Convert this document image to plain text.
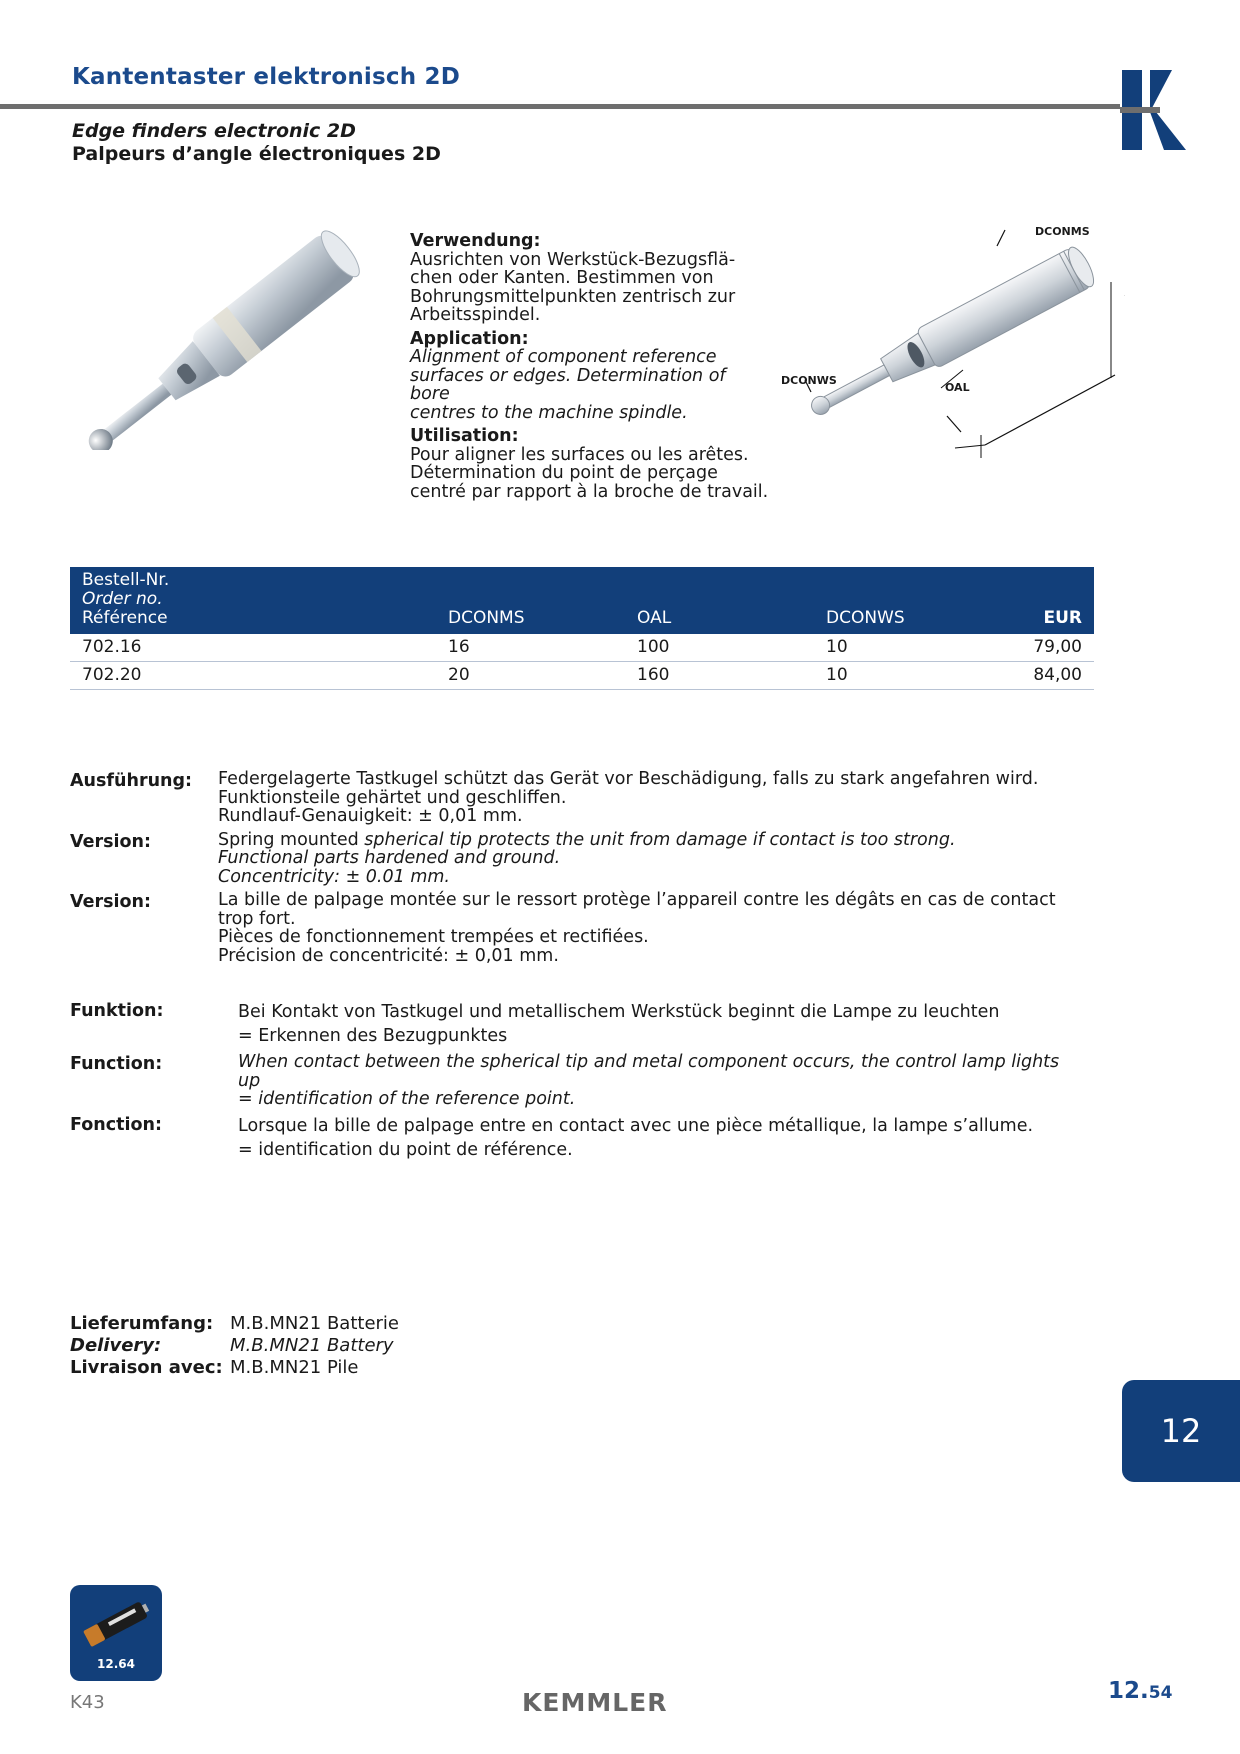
Kantentaster elektronisch 2D
Edge finders electronic 2D
Palpeurs d’angle électroniques 2D

Verwendung:
Ausrichten von Werkstück-Bezugsflä-
chen oder Kanten. Bestimmen von
Bohrungsmittelpunkten zentrisch zur
Arbeitsspindel.

Application:
Alignment of component reference
surfaces or edges. Determination of bore
centres to the machine spindle.

Utilisation:
Pour aligner les surfaces ou les arêtes.
Détermination du point de perçage
centré par rapport à la broche de travail.

DCONMS
DCONWS
OAL
Bestell-Nr.
Order no.
Référence	DCONMS	OAL	DCONWS	EUR
702.16	16	100	10	79,00
702.20	20	160	10	84,00
Ausführung: Federgelagerte Tastkugel schützt das Gerät vor Beschädigung, falls zu stark angefahren wird.
Funktionsteile gehärtet und geschliffen.
Rundlauf-Genauigkeit: ± 0,01 mm.
Version:	Spring mounted spherical tip protects the unit from damage if contact is too strong.
Functional parts hardened and ground.
Concentricity: ± 0.01 mm.
Version:	La bille de palpage montée sur le ressort protège l’appareil contre les dégâts en cas de contact
trop fort.
Pièces de fonctionnement trempées et rectifiées.
Précision de concentricité: ± 0,01 mm.
Funktion:	Bei Kontakt von Tastkugel und metallischem Werkstück beginnt die Lampe zu leuchten
= Erkennen des Bezugpunktes
Function:	When contact between the spherical tip and metal component occurs, the control lamp lights up
= identification of the reference point.
Fonction:	Lorsque la bille de palpage entre en contact avec une pièce métallique, la lampe s’allume.
= identification du point de référence.
Lieferumfang: M.B.MN21 Batterie
Delivery:	M.B.MN21 Battery
Livraison avec: M.B.MN21 Pile
12
12.64
K43	KEMMLER	12.54
